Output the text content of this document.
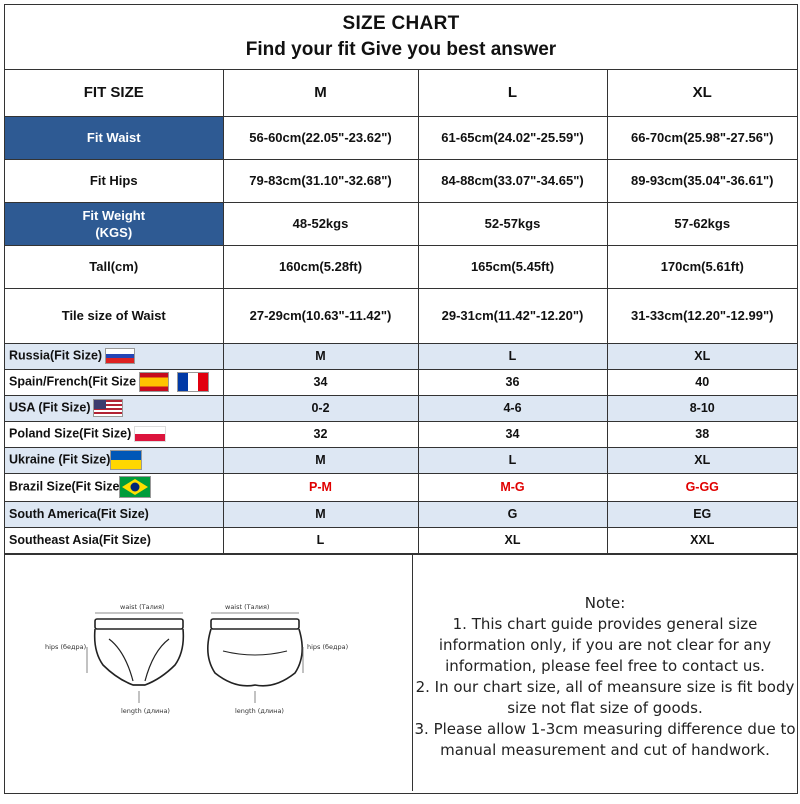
SIZE CHART
Find your fit Give you best answer
FIT SIZE	M	L	XL
Fit Waist	56-60cm(22.05"-23.62")	61-65cm(24.02"-25.59")	66-70cm(25.98"-27.56")
Fit Hips	79-83cm(31.10"-32.68")	84-88cm(33.07"-34.65")	89-93cm(35.04"-36.61")

Fit Weight
(KGS)	48-52kgs	52-57kgs	57-62kgs
Tall(cm)	160cm(5.28ft)	165cm(5.45ft)	170cm(5.61ft)
Tile size of Waist	27-29cm(10.63"-11.42")	29-31cm(11.42"-12.20")	31-33cm(12.20"-12.99")
Russia(Fit Size)	M	L	XL
Spain/French(Fit Size	34	36	40
USA (Fit Size)	0-2	4-6	8-10
Poland Size(Fit Size)	32	34	38
Ukraine (Fit Size)	M	L	XL
Brazil Size(Fit Size	P-M	M-G	G-GG
South America(Fit Size)	M	G	EG
Southeast Asia(Fit Size)	L	XL	XXL
waist (Талия)	waist (Талия)
hips (бедра)	hips (бедра)
length (длина)	length (длина)

Note:

1. This chart guide provides general size

information only, if you are not clear for any

information, please feel free to contact us.

2. In our chart size, all of meansure size is fit body

size not flat size of goods.

3. Please allow 1-3cm measuring difference due to

manual measurement and cut of handwork.
